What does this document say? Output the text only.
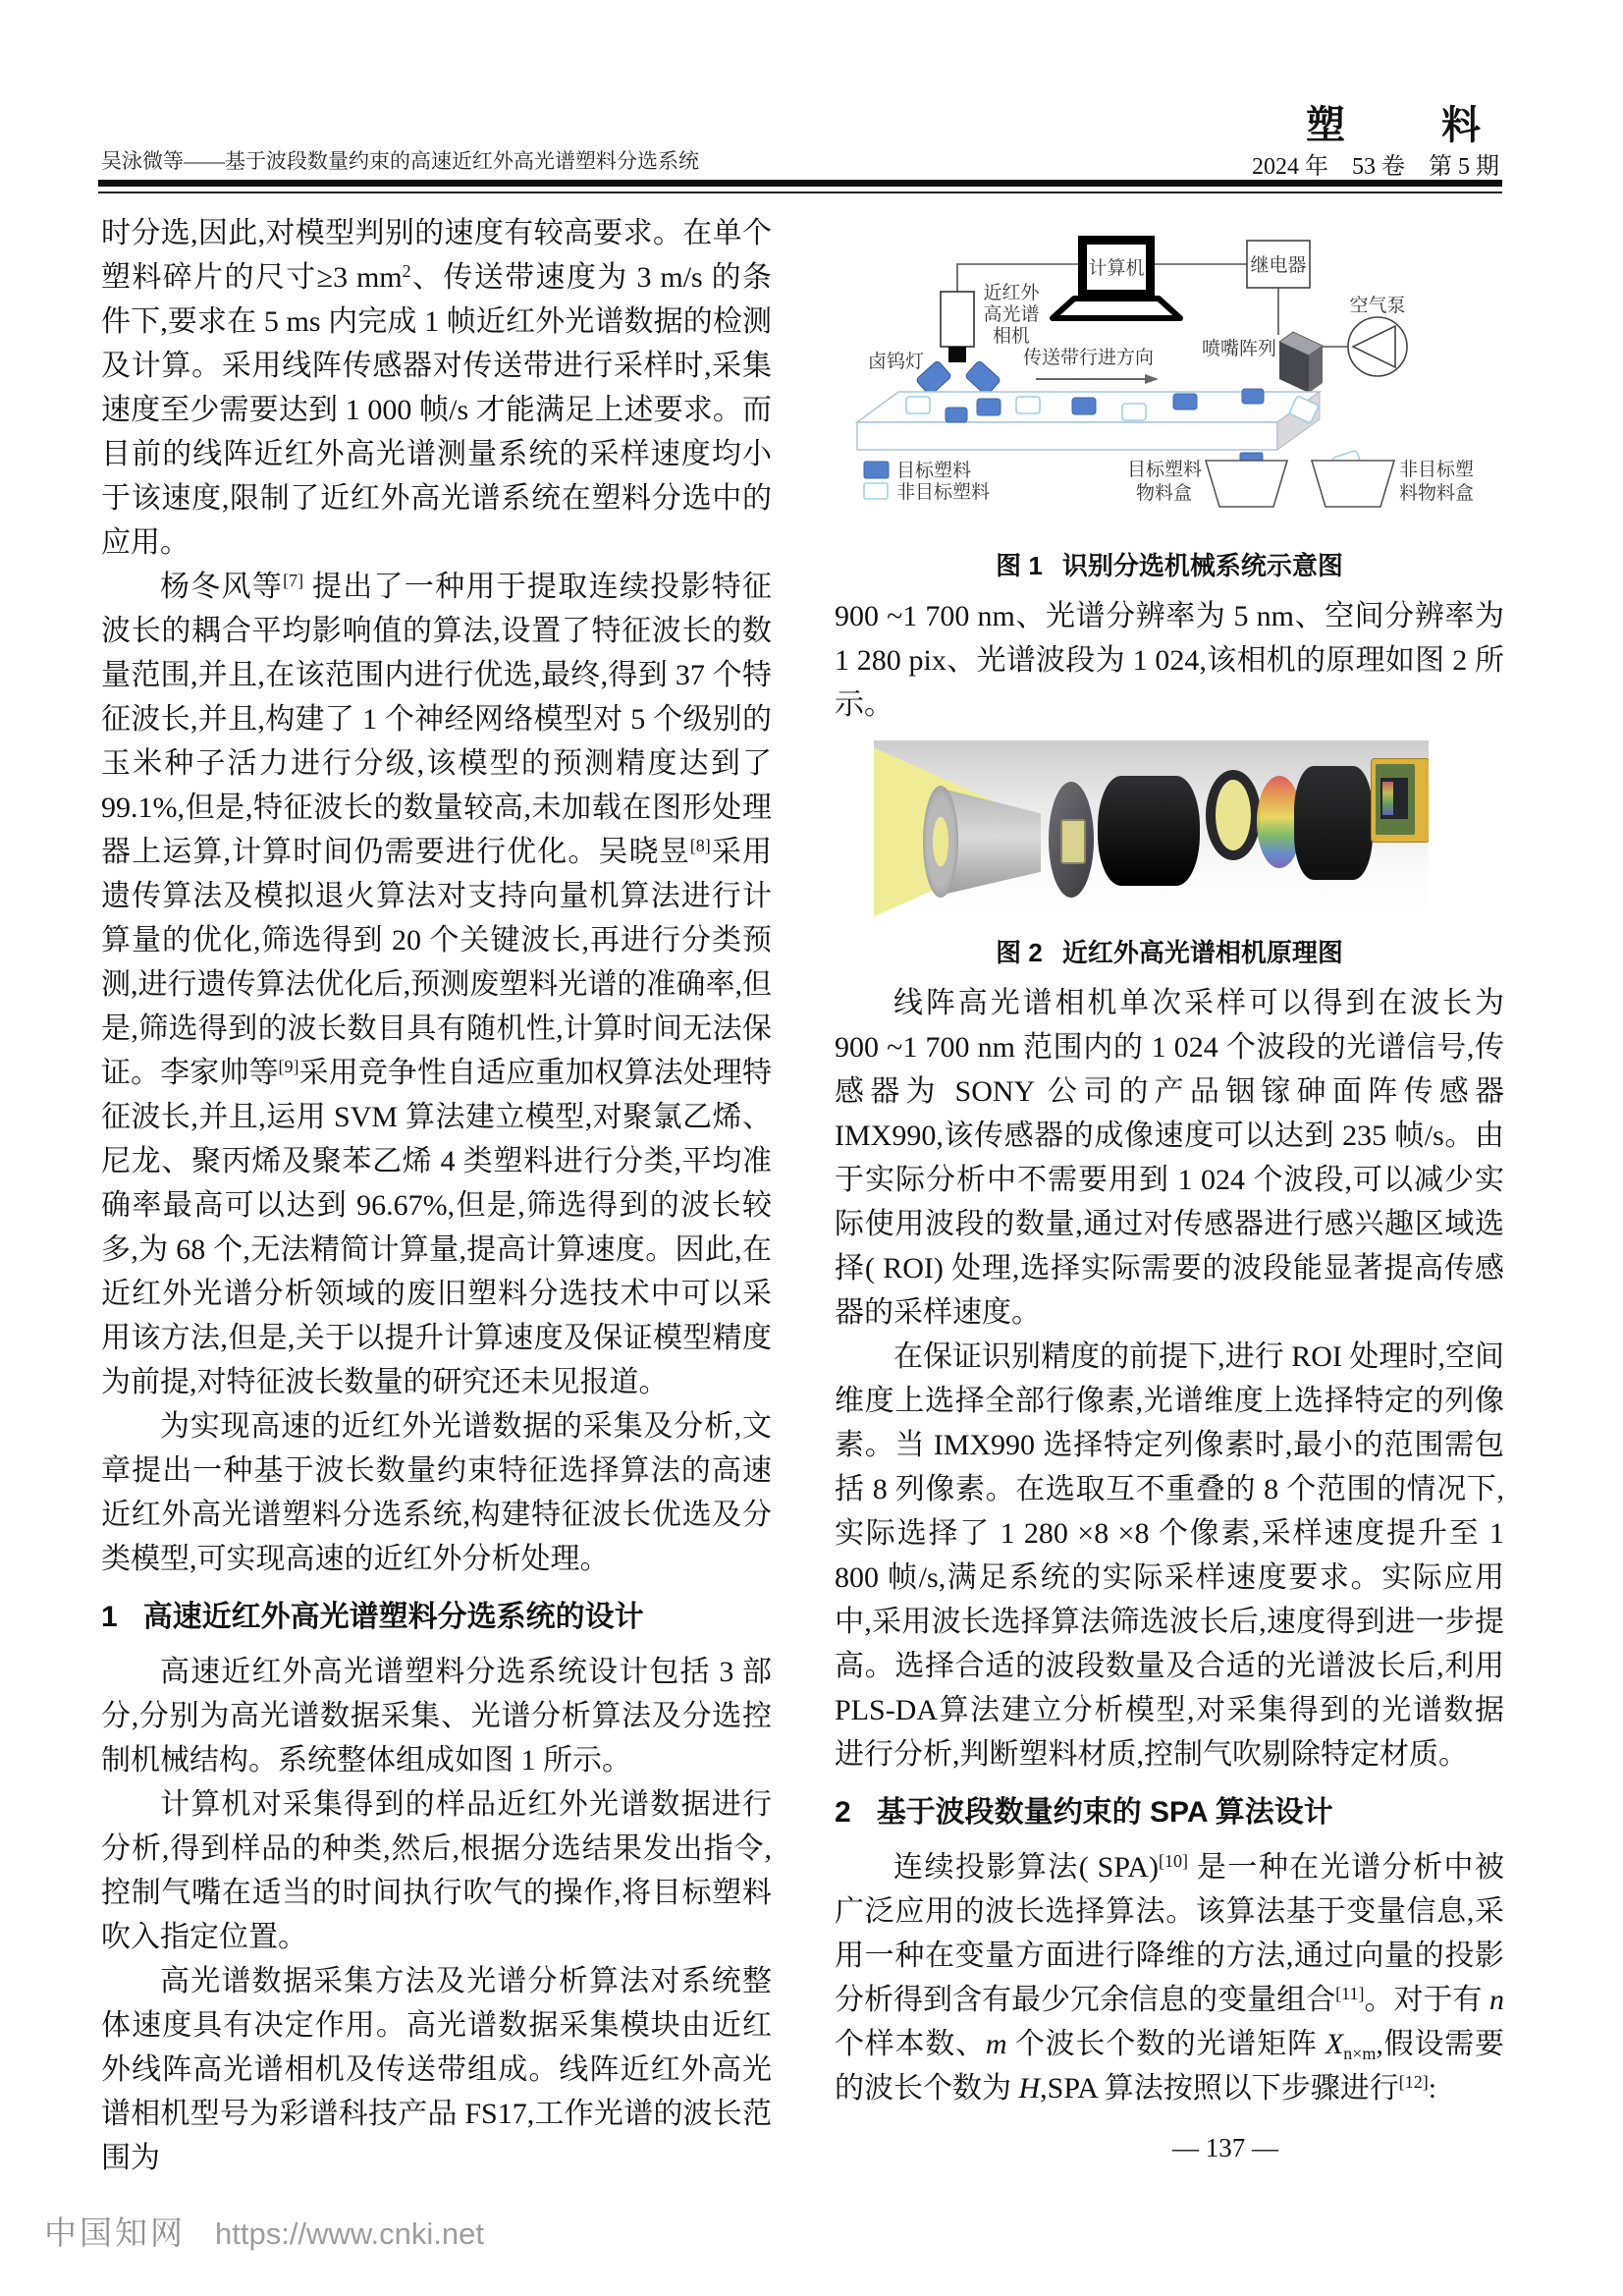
吴泳微等——基于波段数量约束的高速近红外高光谱塑料分选系统
塑　　料
2024 年　53 卷　第 5 期

时分选,因此,对模型判别的速度有较高要求。在单个塑料碎片的尺寸≥3 $mm^2$、传送带速度为 3 m/s 的条件下,要求在 5 ms 内完成 1 帧近红外光谱数据的检测及计算。采用线阵传感器对传送带进行采样时,采集速度至少需要达到 1 000 帧/s 才能满足上述要求。而目前的线阵近红外高光谱测量系统的采样速度均小于该速度,限制了近红外高光谱系统在塑料分选中的应用。

杨冬风等[7] 提出了一种用于提取连续投影特征波长的耦合平均影响值的算法,设置了特征波长的数量范围,并且,在该范围内进行优选,最终,得到 37 个特征波长,并且,构建了 1 个神经网络模型对 5 个级别的玉米种子活力进行分级,该模型的预测精度达到了 99.1%,但是,特征波长的数量较高,未加载在图形处理器上运算,计算时间仍需要进行优化。吴晓昱[8]采用遗传算法及模拟退火算法对支持向量机算法进行计算量的优化,筛选得到 20 个关键波长,再进行分类预测,进行遗传算法优化后,预测废塑料光谱的准确率,但是,筛选得到的波长数目具有随机性,计算时间无法保证。李家帅等[9]采用竞争性自适应重加权算法处理特征波长,并且,运用 SVM 算法建立模型,对聚氯乙烯、尼龙、聚丙烯及聚苯乙烯 4 类塑料进行分类,平均准确率最高可以达到 96.67%,但是,筛选得到的波长较多,为 68 个,无法精简计算量,提高计算速度。因此,在近红外光谱分析领域的废旧塑料分选技术中可以采用该方法,但是,关于以提升计算速度及保证模型精度为前提,对特征波长数量的研究还未见报道。

为实现高速的近红外光谱数据的采集及分析,文章提出一种基于波长数量约束特征选择算法的高速近红外高光谱塑料分选系统,构建特征波长优选及分类模型,可实现高速的近红外分析处理。

1 高速近红外高光谱塑料分选系统的设计

高速近红外高光谱塑料分选系统设计包括 3 部分,分别为高光谱数据采集、光谱分析算法及分选控制机械结构。系统整体组成如图 1 所示。

计算机对采集得到的样品近红外光谱数据进行分析,得到样品的种类,然后,根据分选结果发出指令,控制气嘴在适当的时间执行吹气的操作,将目标塑料吹入指定位置。

高光谱数据采集方法及光谱分析算法对系统整体速度具有决定作用。高光谱数据采集模块由近红外线阵高光谱相机及传送带组成。线阵近红外高光谱相机型号为彩谱科技产品 FS17,工作光谱的波长范围为

计算机	继电器
近红外
高光谱
相机
卤钨灯	传送带行进方向	喷嘴阵列
空气泵
目标塑料
物料盒
非目标塑
料物料盒
目标塑料
非目标塑料

图 1 识别分选机械系统示意图

900 ~1 700 nm、光谱分辨率为 5 nm、空间分辨率为 1 280 pix、光谱波段为 1 024,该相机的原理如图 2 所示。

图 2 近红外高光谱相机原理图

线阵高光谱相机单次采样可以得到在波长为 900 ~1 700 nm 范围内的 1 024 个波段的光谱信号,传感器为 SONY 公司的产品铟镓砷面阵传感器 IMX990,该传感器的成像速度可以达到 235 帧/s。由于实际分析中不需要用到 1 024 个波段,可以减少实际使用波段的数量,通过对传感器进行感兴趣区域选择( ROI) 处理,选择实际需要的波段能显著提高传感器的采样速度。

在保证识别精度的前提下,进行 ROI 处理时,空间维度上选择全部行像素,光谱维度上选择特定的列像素。当 IMX990 选择特定列像素时,最小的范围需包括 8 列像素。在选取互不重叠的 8 个范围的情况下,实际选择了 1 280 ×8 ×8 个像素,采样速度提升至 1 800 帧/s,满足系统的实际采样速度要求。实际应用中,采用波长选择算法筛选波长后,速度得到进一步提高。选择合适的波段数量及合适的光谱波长后,利用 PLS-DA算法建立分析模型,对采集得到的光谱数据进行分析,判断塑料材质,控制气吹剔除特定材质。

2 基于波段数量约束的 SPA 算法设计

连续投影算法( SPA)[10] 是一种在光谱分析中被广泛应用的波长选择算法。该算法基于变量信息,采用一种在变量方面进行降维的方法,通过向量的投影分析得到含有最少冗余信息的变量组合[11]。对于有 n 个样本数、m 个波长个数的光谱矩阵 $X_{n\times m}$,假设需要的波长个数为 H,SPA 算法按照以下步骤进行[12]:

— 137 —

中国知网 https://www.cnki.net
